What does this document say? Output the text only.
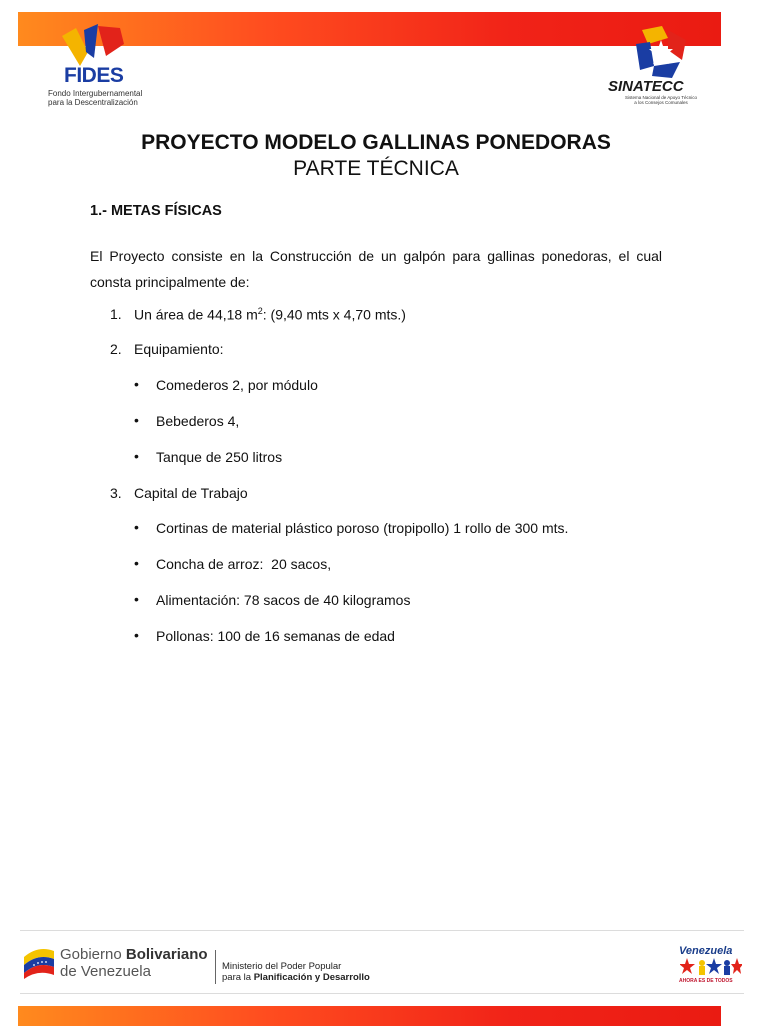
FIDES
Fondo Intergubernamental
para la Descentralización
SINATECC
Sistema Nacional de Apoyo Técnico
a los Consejos Comunales
PROYECTO MODELO GALLINAS PONEDORAS
PARTE TÉCNICA
1.- METAS FÍSICAS
El Proyecto consiste en la Construcción de un galpón para gallinas ponedoras, el cual consta principalmente de:
1. Un área de 44,18 $m^2$: (9,40 mts x 4,70 mts.)
2. Equipamiento:
• Comederos 2, por módulo
• Bebederos 4,
• Tanque de 250 litros
3. Capital de Trabajo
• Cortinas de material plástico poroso (tropipollo) 1 rollo de 300 mts.
• Concha de arroz:  20 sacos,
• Alimentación: 78 sacos de 40 kilogramos
• Pollonas: 100 de 16 semanas de edad
Gobierno Bolivariano
de Venezuela	Ministerio del Poder Popular
para la Planificación y Desarrollo
Venezuela
AHORA ES DE TODOS
